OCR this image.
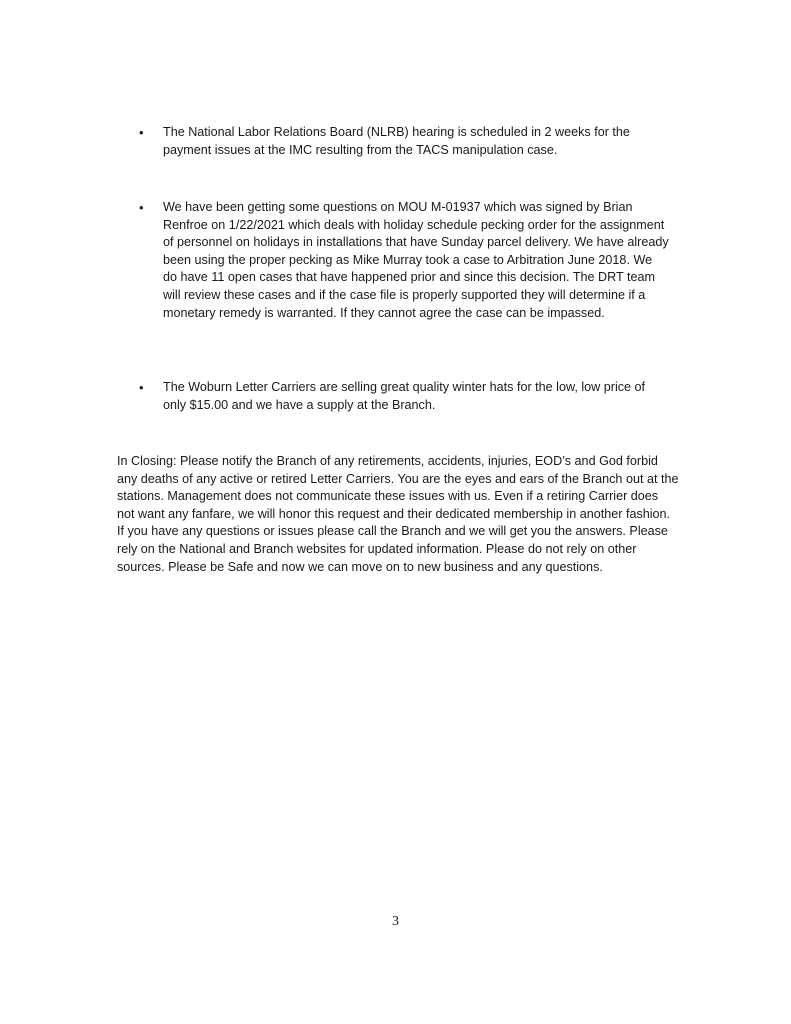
•	The National Labor Relations Board (NLRB) hearing is scheduled in 2 weeks for the payment issues at the IMC resulting from the TACS manipulation case.
•	We have been getting some questions on MOU M-01937 which was signed by Brian Renfroe on 1/22/2021 which deals with holiday schedule pecking order for the assignment of personnel on holidays in installations that have Sunday parcel delivery. We have already been using the proper pecking as Mike Murray took a case to Arbitration June 2018. We do have 11 open cases that have happened prior and since this decision. The DRT team will review these cases and if the case file is properly supported they will determine if a monetary remedy is warranted. If they cannot agree the case can be impassed.
•	The Woburn Letter Carriers are selling great quality winter hats for the low, low price of only $15.00 and we have a supply at the Branch.
In Closing: Please notify the Branch of any retirements, accidents, injuries, EOD’s and God forbid any deaths of any active or retired Letter Carriers. You are the eyes and ears of the Branch out at the stations. Management does not communicate these issues with us. Even if a retiring Carrier does not want any fanfare, we will honor this request and their dedicated membership in another fashion. If you have any questions or issues please call the Branch and we will get you the answers. Please rely on the National and Branch websites for updated information. Please do not rely on other sources. Please be Safe and now we can move on to new business and any questions.
3
